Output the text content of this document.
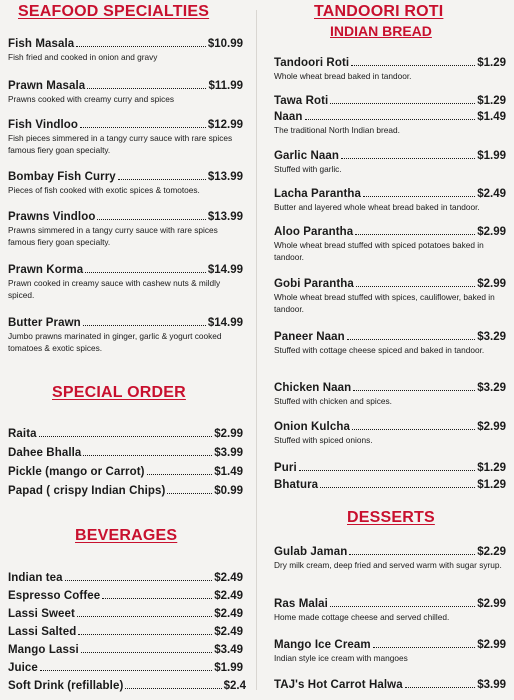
SEAFOOD SPECIALTIES
Fish Masala	$10.99
Fish fried and cooked in onion and gravy
Prawn Masala	$11.99
Prawns cooked with creamy curry and spices
Fish Vindloo	$12.99
Fish pieces simmered in a tangy curry sauce with rare spices famous fiery goan specialty.
Bombay Fish Curry	$13.99
Pieces of fish cooked with exotic spices & tomotoes.
Prawns Vindloo	$13.99
Prawns simmered in a tangy curry sauce with rare spices famous fiery goan specialty.
Prawn Korma	$14.99
Prawn cooked in creamy sauce with cashew nuts & mildly spiced.
Butter Prawn	$14.99
Jumbo prawns marinated in ginger, garlic & yogurt cooked tomatoes & exotic spices.
SPECIAL ORDER
Raita	$2.99
Dahee Bhalla	$3.99
Pickle (mango or Carrot)	$1.49
Papad ( crispy Indian Chips)	$0.99
BEVERAGES
Indian tea	$2.49
Espresso Coffee	$2.49
Lassi Sweet	$2.49
Lassi Salted	$2.49
Mango Lassi	$3.49
Juice	$1.99
Soft Drink (refillable)	$2.4
TANDOORI ROTI
INDIAN BREAD
Tandoori Roti	$1.29
Whole wheat bread baked in tandoor.
Tawa Roti	$1.29
Naan	$1.49
The traditional North Indian bread.
Garlic Naan	$1.99
Stuffed with garlic.
Lacha Parantha	$2.49
Butter and layered whole wheat bread baked in tandoor.
Aloo Parantha	$2.99
Whole wheat bread stuffed with spiced potatoes baked in tandoor.
Gobi Parantha	$2.99
Whole wheat bread stuffed with spices, cauliflower, baked in tandoor.
Paneer Naan	$3.29
Stuffed with cottage cheese spiced and baked in tandoor.
Chicken Naan	$3.29
Stuffed with chicken and spices.
Onion Kulcha	$2.99
Stuffed with spiced onions.
Puri	$1.29
Bhatura	$1.29
DESSERTS
Gulab Jaman	$2.29
Dry milk cream, deep fried and served warm with sugar syrup.
Ras Malai	$2.99
Home made cottage cheese and served chilled.
Mango Ice Cream	$2.99
Indian style ice cream with mangoes
TAJ's Hot Carrot Halwa	$3.99
